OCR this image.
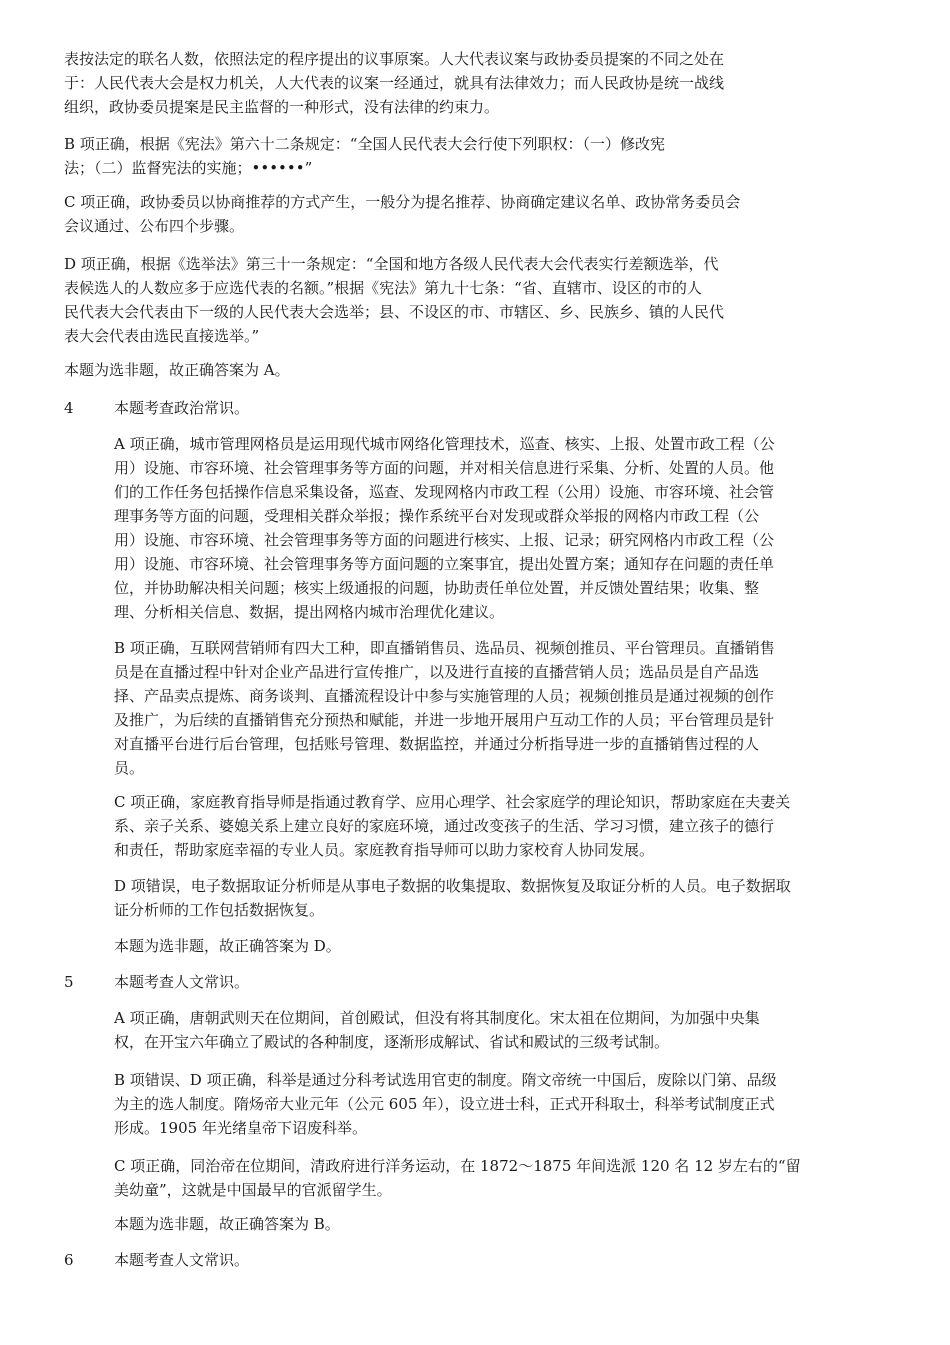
表按法定的联名人数，依照法定的程序提出的议事原案。人大代表议案与政协委员提案的不同之处在
于：人民代表大会是权力机关，人大代表的议案一经通过，就具有法律效力；而人民政协是统一战线
组织，政协委员提案是民主监督的一种形式，没有法律的约束力。

B 项正确，根据《宪法》第六十二条规定：“全国人民代表大会行使下列职权：（一）修改宪
法；（二）监督宪法的实施；••••••”

C 项正确，政协委员以协商推荐的方式产生，一般分为提名推荐、协商确定建议名单、政协常务委员会
会议通过、公布四个步骤。

D 项正确，根据《选举法》第三十一条规定：“全国和地方各级人民代表大会代表实行差额选举，代
表候选人的人数应多于应选代表的名额。”根据《宪法》第九十七条：“省、直辖市、设区的市的人
民代表大会代表由下一级的人民代表大会选举；县、不设区的市、市辖区、乡、民族乡、镇的人民代
表大会代表由选民直接选举。”

本题为选非题，故正确答案为 A。

4	本题考查政治常识。

A 项正确，城市管理网格员是运用现代城市网络化管理技术，巡查、核实、上报、处置市政工程（公
用）设施、市容环境、社会管理事务等方面的问题，并对相关信息进行采集、分析、处置的人员。他
们的工作任务包括操作信息采集设备，巡查、发现网格内市政工程（公用）设施、市容环境、社会管
理事务等方面的问题，受理相关群众举报；操作系统平台对发现或群众举报的网格内市政工程（公
用）设施、市容环境、社会管理事务等方面的问题进行核实、上报、记录；研究网格内市政工程（公
用）设施、市容环境、社会管理事务等方面问题的立案事宜，提出处置方案；通知存在问题的责任单
位，并协助解决相关问题；核实上级通报的问题，协助责任单位处置，并反馈处置结果；收集、整
理、分析相关信息、数据，提出网格内城市治理优化建议。

B 项正确，互联网营销师有四大工种，即直播销售员、选品员、视频创推员、平台管理员。直播销售
员是在直播过程中针对企业产品进行宣传推广，以及进行直接的直播营销人员；选品员是自产品选
择、产品卖点提炼、商务谈判、直播流程设计中参与实施管理的人员；视频创推员是通过视频的创作
及推广，为后续的直播销售充分预热和赋能，并进一步地开展用户互动工作的人员；平台管理员是针
对直播平台进行后台管理，包括账号管理、数据监控，并通过分析指导进一步的直播销售过程的人
员。

C 项正确，家庭教育指导师是指通过教育学、应用心理学、社会家庭学的理论知识，帮助家庭在夫妻关
系、亲子关系、婆媳关系上建立良好的家庭环境，通过改变孩子的生活、学习习惯，建立孩子的德行
和责任，帮助家庭幸福的专业人员。家庭教育指导师可以助力家校育人协同发展。

D 项错误，电子数据取证分析师是从事电子数据的收集提取、数据恢复及取证分析的人员。电子数据取
证分析师的工作包括数据恢复。

本题为选非题，故正确答案为 D。

5	本题考查人文常识。

A 项正确，唐朝武则天在位期间，首创殿试，但没有将其制度化。宋太祖在位期间，为加强中央集
权，在开宝六年确立了殿试的各种制度，逐渐形成解试、省试和殿试的三级考试制。

B 项错误、D 项正确，科举是通过分科考试选用官吏的制度。隋文帝统一中国后，废除以门第、品级
为主的选人制度。隋炀帝大业元年（公元 605 年），设立进士科，正式开科取士，科举考试制度正式
形成。1905 年光绪皇帝下诏废科举。

C 项正确，同治帝在位期间，清政府进行洋务运动，在 1872～1875 年间选派 120 名 12 岁左右的“留
美幼童”，这就是中国最早的官派留学生。

本题为选非题，故正确答案为 B。

6	本题考查人文常识。
